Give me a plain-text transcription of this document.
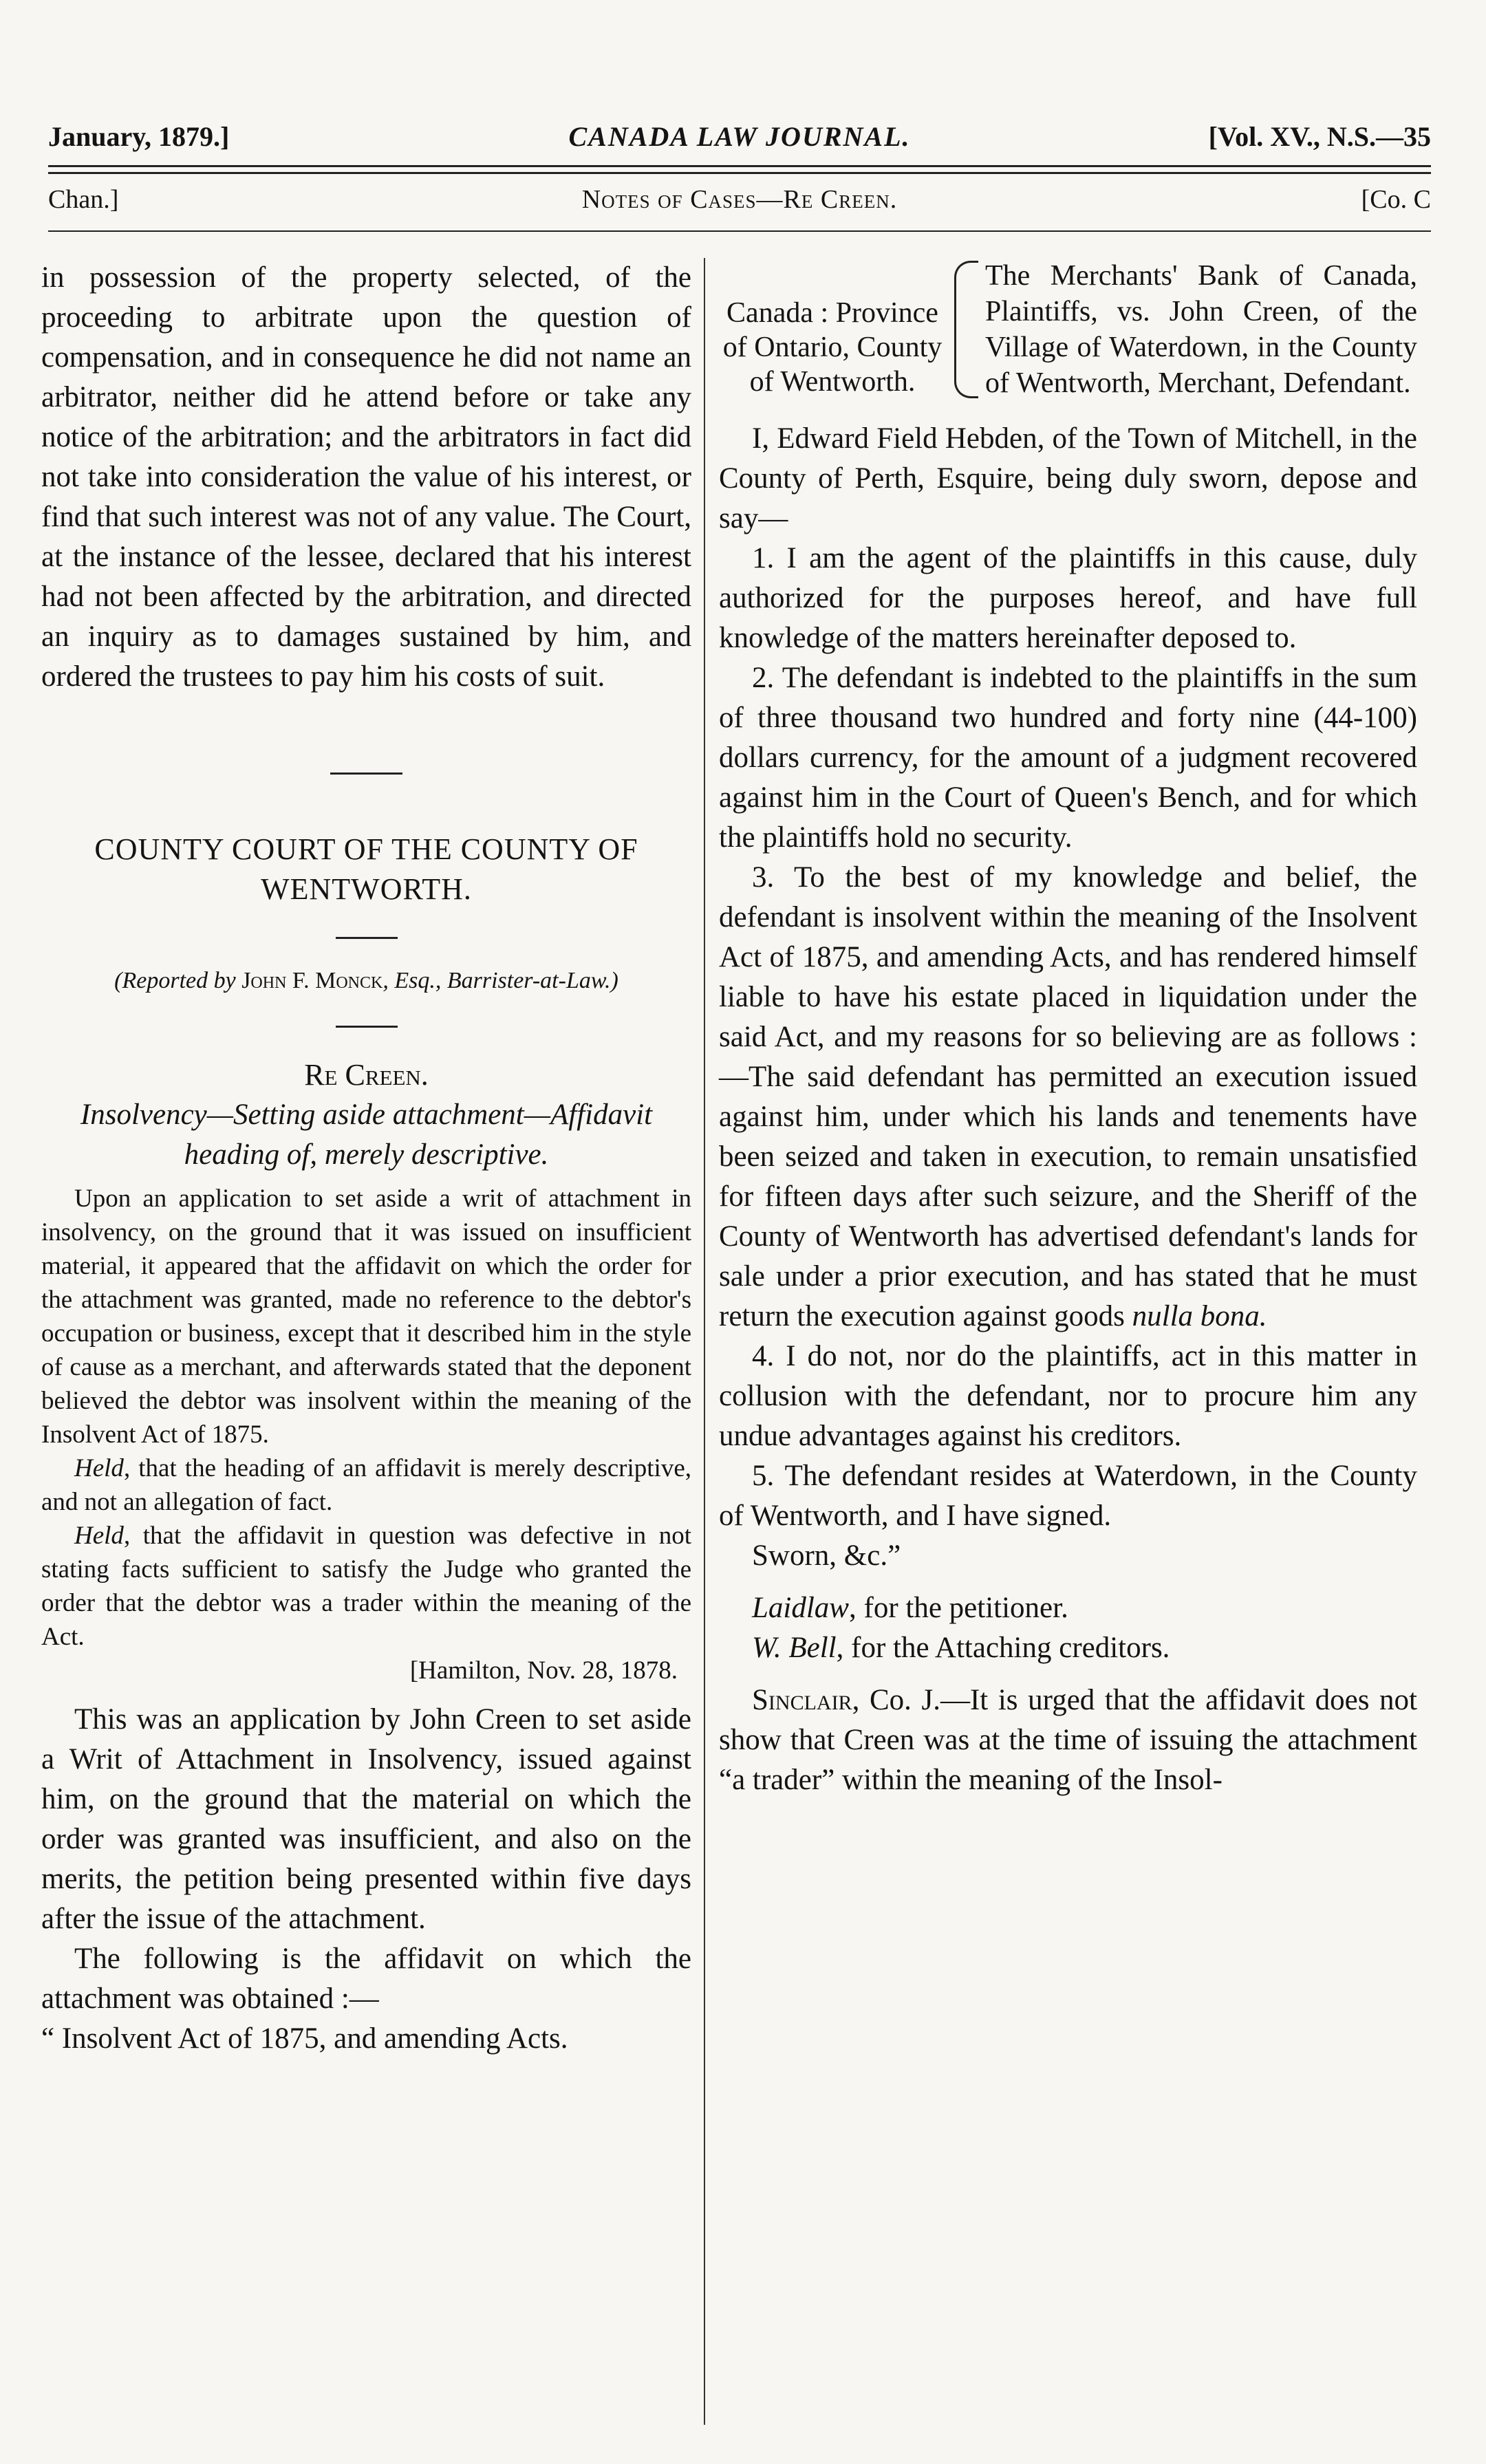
January, 1879.]	CANADA LAW JOURNAL.	[Vol. XV., N.S.—35
Chan.]	Notes of Cases—Re Creen.	[Co. C

in possession of the property selected, of the proceeding to arbitrate upon the question of compensation, and in consequence he did not name an arbitrator, neither did he attend before or take any notice of the arbitration; and the arbitrators in fact did not take into consideration the value of his interest, or find that such interest was not of any value. The Court, at the instance of the lessee, declared that his interest had not been affected by the arbitration, and directed an inquiry as to damages sustained by him, and ordered the trustees to pay him his costs of suit.

COUNTY COURT OF THE COUNTY OF WENTWORTH.

(Reported by John F. Monck, Esq., Barrister-at-Law.)

Re Creen.

Insolvency—Setting aside attachment—Affidavit heading of, merely descriptive.

Upon an application to set aside a writ of attachment in insolvency, on the ground that it was issued on insufficient material, it appeared that the affidavit on which the order for the attachment was granted, made no reference to the debtor's occupation or business, except that it described him in the style of cause as a merchant, and afterwards stated that the deponent believed the debtor was insolvent within the meaning of the Insolvent Act of 1875.

Held, that the heading of an affidavit is merely descriptive, and not an allegation of fact.

Held, that the affidavit in question was defective in not stating facts sufficient to satisfy the Judge who granted the order that the debtor was a trader within the meaning of the Act.

[Hamilton, Nov. 28, 1878.

This was an application by John Creen to set aside a Writ of Attachment in Insolvency, issued against him, on the ground that the material on which the order was granted was insufficient, and also on the merits, the petition being presented within five days after the issue of the attachment.

The following is the affidavit on which the attachment was obtained :—

“ Insolvent Act of 1875, and amending Acts.

Canada : Province of Ontario, County of Wentworth.
The Merchants' Bank of Canada, Plaintiffs, vs. John Creen, of the Village of Waterdown, in the County of Wentworth, Merchant, Defendant.

I, Edward Field Hebden, of the Town of Mitchell, in the County of Perth, Esquire, being duly sworn, depose and say—

1. I am the agent of the plaintiffs in this cause, duly authorized for the purposes hereof, and have full knowledge of the matters hereinafter deposed to.

2. The defendant is indebted to the plaintiffs in the sum of three thousand two hundred and forty nine (44-100) dollars currency, for the amount of a judgment recovered against him in the Court of Queen's Bench, and for which the plaintiffs hold no security.

3. To the best of my knowledge and belief, the defendant is insolvent within the meaning of the Insolvent Act of 1875, and amending Acts, and has rendered himself liable to have his estate placed in liquidation under the said Act, and my reasons for so believing are as follows :—The said defendant has permitted an execution issued against him, under which his lands and tenements have been seized and taken in execution, to remain unsatisfied for fifteen days after such seizure, and the Sheriff of the County of Wentworth has advertised defendant's lands for sale under a prior execution, and has stated that he must return the execution against goods nulla bona.

4. I do not, nor do the plaintiffs, act in this matter in collusion with the defendant, nor to procure him any undue advantages against his creditors.

5. The defendant resides at Waterdown, in the County of Wentworth, and I have signed.

Sworn, &c.”

Laidlaw, for the petitioner.

W. Bell, for the Attaching creditors.

Sinclair, Co. J.—It is urged that the affidavit does not show that Creen was at the time of issuing the attachment “a trader” within the meaning of the Insol-
